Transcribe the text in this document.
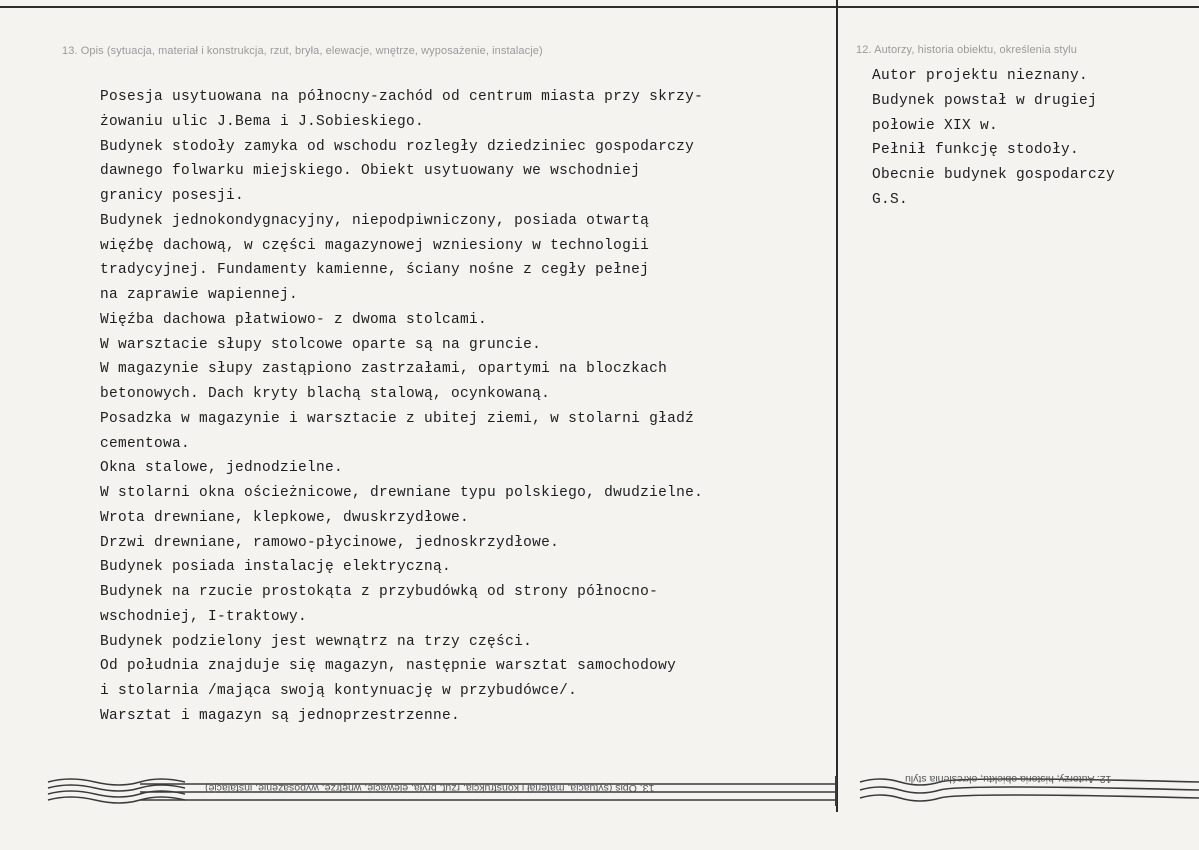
13. Opis (sytuacja, materiał i konstrukcja, rzut, bryła, elewacje, wnętrze, wyposażenie, instalacje)	12. Autorzy, historia obiektu, określenia stylu
Posesja usytuowana na północny-zachód od centrum miasta przy skrzy-
żowaniu ulic J.Bema i J.Sobieskiego.
Budynek stodoły zamyka od wschodu rozległy dziedziniec gospodarczy
dawnego folwarku miejskiego. Obiekt usytuowany we wschodniej
granicy posesji.
Budynek jednokondygnacyjny, niepodpiwniczony, posiada otwartą
więźbę dachową, w części magazynowej wzniesiony w technologii
tradycyjnej. Fundamenty kamienne, ściany nośne z cegły pełnej
na zaprawie wapiennej.
Więźba dachowa płatwiowo- z dwoma stolcami.
W warsztacie słupy stolcowe oparte są na gruncie.
W magazynie słupy zastąpiono zastrzałami, opartymi na bloczkach
betonowych. Dach kryty blachą stalową, ocynkowaną.
Posadzka w magazynie i warsztacie z ubitej ziemi, w stolarni gładź
cementowa.
Okna stalowe, jednodzielne.
W stolarni okna ościeżnicowe, drewniane typu polskiego, dwudzielne.
Wrota drewniane, klepkowe, dwuskrzydłowe.
Drzwi drewniane, ramowo-płycinowe, jednoskrzydłowe.
Budynek posiada instalację elektryczną.
Budynek na rzucie prostokąta z przybudówką od strony północno-
wschodniej, I-traktowy.
Budynek podzielony jest wewnątrz na trzy części.
Od południa znajduje się magazyn, następnie warsztat samochodowy
i stolarnia /mająca swoją kontynuację w przybudówce/.
Warsztat i magazyn są jednoprzestrzenne.
Autor projektu nieznany.
Budynek powstał w drugiej
połowie XIX w.
Pełnił funkcję stodoły.
Obecnie budynek gospodarczy
G.S.
13. Opis (sytuacja, materiał i konstrukcja, rzut, bryła, elewacje, wnętrze, wyposażenie, instalacje)
12. Autorzy, historia obiektu, określenia stylu
